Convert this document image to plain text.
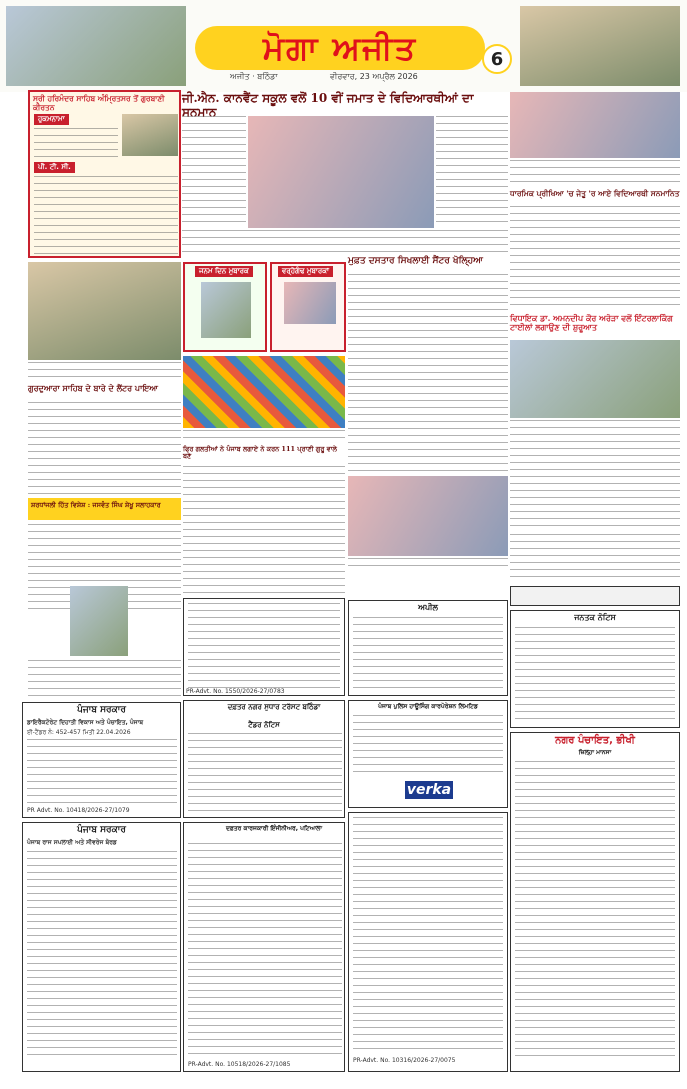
ਮੋਗਾ ਅਜੀਤ	6
ਅਜੀਤ · ਬਠਿੰਡਾ	ਵੀਰਵਾਰ, 23 ਅਪ੍ਰੈਲ 2026
ਸ੍ਰੀ ਹਰਿਮੰਦਰ ਸਾਹਿਬ ਅੰਮ੍ਰਿਤਸਰ ਤੋਂ ਗੁਰਬਾਣੀ ਕੀਰਤਨ
ਹੁਕਮਨਾਮਾ
ਪੀ. ਟੀ. ਸੀ.
ਜੀ.ਐਨ. ਕਾਨਵੈਂਟ ਸਕੂਲ ਵਲੋਂ 10 ਵੀਂ ਜਮਾਤ ਦੇ ਵਿਦਿਆਰਥੀਆਂ ਦਾ ਸਨਮਾਨ
ਧਾਰਮਿਕ ਪ੍ਰੀਖਿਆ 'ਚ ਜੇਤੂ 'ਰ ਆਏ ਵਿਦਿਆਰਥੀ ਸਨਮਾਨਿਤ
ਗੁਰਦੁਆਰਾ ਸਾਹਿਬ ਦੇ ਬਾਰੇ ਦੇ ਲੈਂਟਰ ਪਾਇਆ
ਜਨਮ ਦਿਨ ਮੁਬਾਰਕ	ਵਰ੍ਹੇਗੰਢ ਮੁਬਾਰਕਾਂ
ਫਿਰ ਗਲਤੀਆਂ ਨੇ ਪੰਜਾਬ ਲਗਾਏ ਨੇ ਕਰਨ 111 ਪ੍ਰਾਣੀ ਗੁਰੂ ਵਾਲੇ ਬਣੇ
ਮੁਫ਼ਤ ਦਸਤਾਰ ਸਿਖਲਾਈ ਸੈਂਟਰ ਖੋਲ੍ਹਿਆ
ਵਿਧਾਇਕ ਡਾ. ਅਮਨਦੀਪ ਕੌਰ ਅਰੋੜਾ ਵਲੋਂ ਇੰਟਰਲਾਕਿੰਗ ਟਾਈਲਾਂ ਲਗਾਉਣ ਦੀ ਸ਼ੁਰੂਆਤ
ਸ਼ਰਧਾਂਜਲੀ ਹਿੱਤ ਵਿਸ਼ੇਸ਼ : ਜਸਵੰਤ ਸਿੰਘ ਸ਼ੇਖੂ ਸਲਾਹਕਾਰ
PR-Advt. No. 1550/2026-27/0783
ਅਪੀਲ
ਜਨਤਕ ਨੋਟਿਸ
ਪੰਜਾਬ ਸਰਕਾਰ
ਡਾਇਰੈਕਟੋਰੇਟ ਦਿਹਾਤੀ ਵਿਕਾਸ ਅਤੇ ਪੰਚਾਇਤ, ਪੰਜਾਬ
ਈ-ਟੈਂਡਰ ਨੰ: 452-457 ਮਿਤੀ 22.04.2026
PR Advt. No. 10418/2026-27/1079
ਦਫ਼ਤਰ ਨਗਰ ਸੁਧਾਰ ਟਰੱਸਟ ਬਠਿੰਡਾ
ਟੈਂਡਰ ਨੋਟਿਸ
ਪੰਜਾਬ ਪੁਲਿਸ ਹਾਊਸਿੰਗ ਕਾਰਪੋਰੇਸ਼ਨ ਲਿਮਟਿਡ
verka
ਨਗਰ ਪੰਚਾਇਤ, ਭੀਖੀ
ਜ਼ਿਲ੍ਹਾ ਮਾਨਸਾ
ਪੰਜਾਬ ਸਰਕਾਰ
ਪੰਜਾਬ ਰਾਜ ਸਪਲਾਈ ਅਤੇ ਸੀਵਰੇਜ ਬੋਰਡ
ਦਫ਼ਤਰ ਕਾਰਜਕਾਰੀ ਇੰਜੀਨੀਅਰ, ਪਟਿਆਲਾ
PR-Advt. No. 10518/2026-27/1085
PR-Advt. No. 10316/2026-27/0075
